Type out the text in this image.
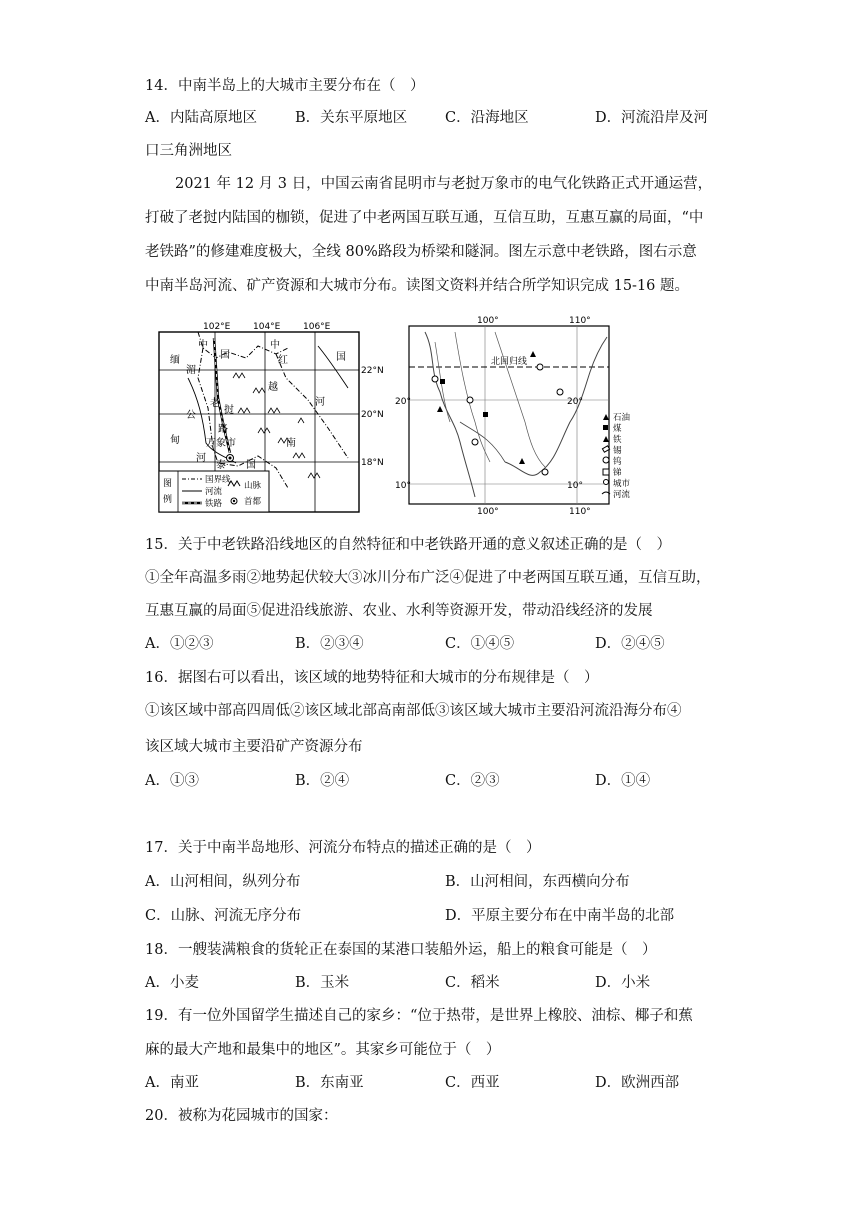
14．中南半岛上的大城市主要分布在（　）
A．内陆高原地区	B．关东平原地区	C．沿海地区	D．河流沿岸及河
口三角洲地区
2021 年 12 月 3 日，中国云南省昆明市与老挝万象市的电气化铁路正式开通运营，
打破了老挝内陆国的枷锁，促进了中老两国互联互通，互信互助，互惠互赢的局面，“中
老铁路”的修建难度极大，全线 80%路段为桥梁和隧洞。图左示意中老铁路，图右示意
中南半岛河流、矿产资源和大城市分布。读图文资料并结合所学知识完成 15-16 题。
102°E	104°E	106°E
22°N
20°N
18°N
中
国
中
红	国
缅
越
老
挝
公
路
万象市
甸
河
泰 国
南
河
湄
图
例
国界线
河流
铁路
山脉
首都
北回归线
100°	110°
20°	20°
10°	10°
100°	110°
石油
煤
铁
锡
钨
锑
城市
河流
15．关于中老铁路沿线地区的自然特征和中老铁路开通的意义叙述正确的是（　）
①全年高温多雨②地势起伏较大③冰川分布广泛④促进了中老两国互联互通，互信互助，
互惠互赢的局面⑤促进沿线旅游、农业、水利等资源开发，带动沿线经济的发展
A．①②③	B．②③④	C．①④⑤	D．②④⑤
16．据图右可以看出，该区域的地势特征和大城市的分布规律是（　）
①该区域中部高四周低②该区域北部高南部低③该区域大城市主要沿河流沿海分布④
该区域大城市主要沿矿产资源分布
A．①③	B．②④	C．②③	D．①④
17．关于中南半岛地形、河流分布特点的描述正确的是（　）
A．山河相间，纵列分布	B．山河相间，东西横向分布
C．山脉、河流无序分布	D．平原主要分布在中南半岛的北部
18．一艘装满粮食的货轮正在泰国的某港口装船外运，船上的粮食可能是（　）
A．小麦	B．玉米	C．稻米	D．小米
19．有一位外国留学生描述自己的家乡：“位于热带，是世界上橡胶、油棕、椰子和蕉
麻的最大产地和最集中的地区”。其家乡可能位于（　）
A．南亚	B．东南亚	C．西亚	D．欧洲西部
20．被称为花园城市的国家：
